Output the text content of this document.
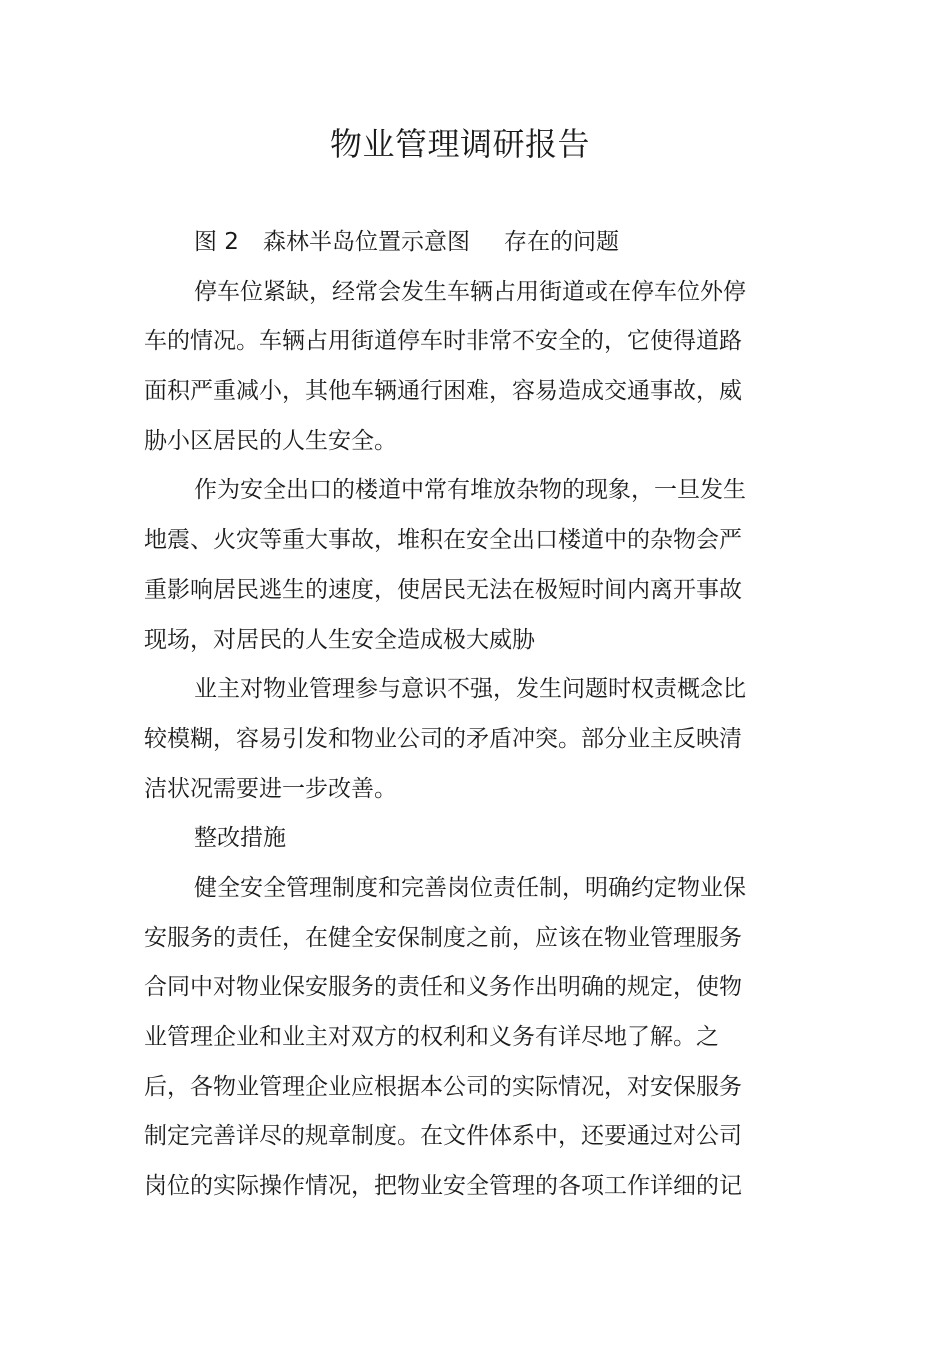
物业管理调研报告
图 2 森林半岛位置示意图 存在的问题
停车位紧缺，经常会发生车辆占用街道或在停车位外停
车的情况。车辆占用街道停车时非常不安全的，它使得道路
面积严重减小，其他车辆通行困难，容易造成交通事故，威
胁小区居民的人生安全。
作为安全出口的楼道中常有堆放杂物的现象，一旦发生
地震、火灾等重大事故，堆积在安全出口楼道中的杂物会严
重影响居民逃生的速度，使居民无法在极短时间内离开事故
现场，对居民的人生安全造成极大威胁
业主对物业管理参与意识不强，发生问题时权责概念比
较模糊，容易引发和物业公司的矛盾冲突。部分业主反映清
洁状况需要进一步改善。
整改措施
健全安全管理制度和完善岗位责任制，明确约定物业保
安服务的责任，在健全安保制度之前，应该在物业管理服务
合同中对物业保安服务的责任和义务作出明确的规定，使物
业管理企业和业主对双方的权利和义务有详尽地了解。之
后，各物业管理企业应根据本公司的实际情况，对安保服务
制定完善详尽的规章制度。在文件体系中，还要通过对公司
岗位的实际操作情况，把物业安全管理的各项工作详细的记
